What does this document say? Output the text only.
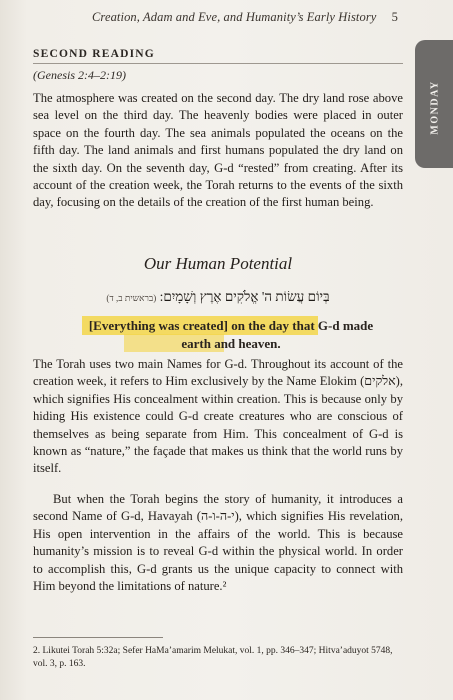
Creation, Adam and Eve, and Humanity’s Early History 5
MONDAY
SECOND READING
(Genesis 2:4–2:19)
The atmosphere was created on the second day. The dry land rose above sea level on the third day. The heavenly bodies were placed in outer space on the fourth day. The sea animals populated the oceans on the fifth day. The land animals and first humans populated the dry land on the sixth day. On the seventh day, G-d “rested” from creating. After its account of the creation week, the Torah returns to the events of the sixth day, focusing on the details of the creation of the first human being.
Our Human Potential
בְּיוֹם עֲשׂוֹת ה' אֱלֹקִים אֶרֶץ וְשָׁמָיִם: (בראשית ב, ד)
[Everything was created] on the day that G-d made earth and heaven.
The Torah uses two main Names for G-d. Throughout its account of the creation week, it refers to Him exclusively by the Name Elokim (אלקים), which signifies His concealment within creation. This is because only by hiding His existence could G-d create creatures who are conscious of themselves as being separate from Him. This concealment of G-d is known as “nature,” the façade that makes us think that the world runs by itself.
But when the Torah begins the story of humanity, it introduces a second Name of G-d, Havayah (י-ה-ו-ה), which signifies His revelation, His open intervention in the affairs of the world. This is because humanity’s mission is to reveal G-d within the physical world. In order to accomplish this, G-d grants us the unique capacity to connect with Him beyond the limitations of nature.²
2. Likutei Torah 5:32a; Sefer HaMa’amarim Melukat, vol. 1, pp. 346–347; Hitva’aduyot 5748, vol. 3, p. 163.
